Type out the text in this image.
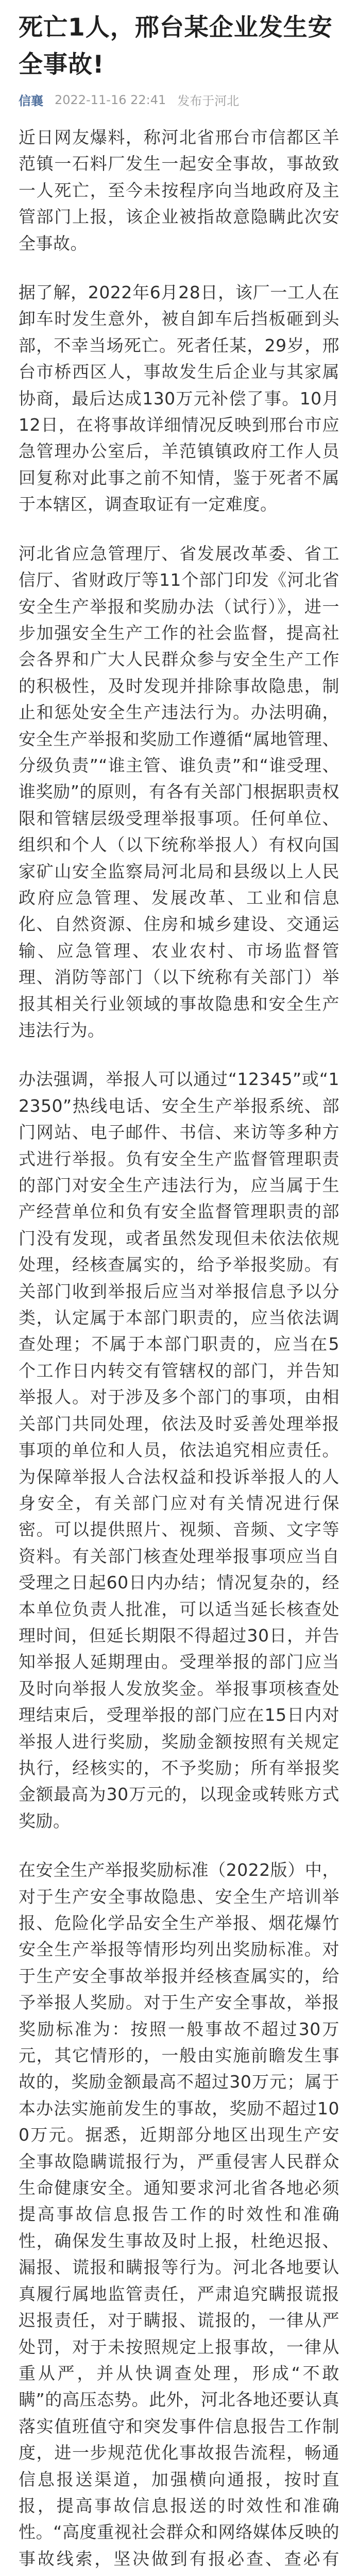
死亡1人，邢台某企业发生安全事故!
信襄 2022-11-16 22:41 发布于河北

近日网友爆料，称河北省邢台市信都区羊范镇一石料厂发生一起安全事故，事故致一人死亡，至今未按程序向当地政府及主管部门上报，该企业被指故意隐瞒此次安全事故。

据了解，2022年6月28日，该厂一工人在卸车时发生意外，被自卸车后挡板砸到头部，不幸当场死亡。死者任某，29岁，邢台市桥西区人，事故发生后企业与其家属协商，最后达成130万元补偿了事。10月12日，在将事故详细情况反映到邢台市应急管理办公室后，羊范镇镇政府工作人员回复称对此事之前不知情，鉴于死者不属于本辖区，调查取证有一定难度。

河北省应急管理厅、省发展改革委、省工信厅、省财政厅等11个部门印发《河北省安全生产举报和奖励办法（试行）》，进一步加强安全生产工作的社会监督，提高社会各界和广大人民群众参与安全生产工作的积极性，及时发现并排除事故隐患，制止和惩处安全生产违法行为。办法明确，安全生产举报和奖励工作遵循“属地管理、分级负责”“谁主管、谁负责”和“谁受理、谁奖励”的原则，有各有关部门根据职责权限和管辖层级受理举报事项。任何单位、组织和个人（以下统称举报人）有权向国家矿山安全监察局河北局和县级以上人民政府应急管理、发展改革、工业和信息化、自然资源、住房和城乡建设、交通运输、应急管理、农业农村、市场监督管理、消防等部门（以下统称有关部门）举报其相关行业领域的事故隐患和安全生产违法行为。

办法强调，举报人可以通过“12345”或“12350”热线电话、安全生产举报系统、部门网站、电子邮件、书信、来访等多种方式进行举报。负有安全生产监督管理职责的部门对安全生产违法行为，应当属于生产经营单位和负有安全监督管理职责的部门没有发现，或者虽然发现但未依法依规处理，经核查属实的，给予举报奖励。有关部门收到举报后应当对举报信息予以分类，认定属于本部门职责的，应当依法调查处理；不属于本部门职责的，应当在5个工作日内转交有管辖权的部门，并告知举报人。对于涉及多个部门的事项，由相关部门共同处理，依法及时妥善处理举报事项的单位和人员，依法追究相应责任。为保障举报人合法权益和投诉举报人的人身安全，有关部门应对有关情况进行保密。可以提供照片、视频、音频、文字等资料。有关部门核查处理举报事项应当自受理之日起60日内办结；情况复杂的，经本单位负责人批准，可以适当延长核查处理时间，但延长期限不得超过30日，并告知举报人延期理由。受理举报的部门应当及时向举报人发放奖金。举报事项核查处理结束后，受理举报的部门应在15日内对举报人进行奖励，奖励金额按照有关规定执行，经核实的，不予奖励；所有举报奖金额最高为30万元的，以现金或转账方式奖励。

在安全生产举报奖励标准（2022版）中，对于生产安全事故隐患、安全生产培训举报、危险化学品安全生产举报、烟花爆竹安全生产举报等情形均列出奖励标准。对于生产安全事故举报并经核查属实的，给予举报人奖励。对于生产安全事故，举报奖励标准为：按照一般事故不超过30万元，其它情形的，一般由实施前瞻发生事故的，奖励金额最高不超过30万元；属于本办法实施前发生的事故，奖励不超过100万元。据悉，近期部分地区出现生产安全事故隐瞒谎报行为，严重侵害人民群众生命健康安全。通知要求河北省各地必须提高事故信息报告工作的时效性和准确性，确保发生事故及时上报，杜绝迟报、漏报、谎报和瞒报等行为。河北各地要认真履行属地监管责任，严肃追究瞒报谎报迟报责任，对于瞒报、谎报的，一律从严处罚，对于未按照规定上报事故，一律从重从严，并从快调查处理，形成“不敢瞒”的高压态势。此外，河北各地还要认真落实值班值守和突发事件信息报告工作制度，进一步规范优化事故报告流程，畅通信息报送渠道，加强横向通报，按时直报，提高事故信息报送的时效性和准确性。“高度重视社会群众和网络媒体反映的事故线索，坚决做到有报必查、查必有
